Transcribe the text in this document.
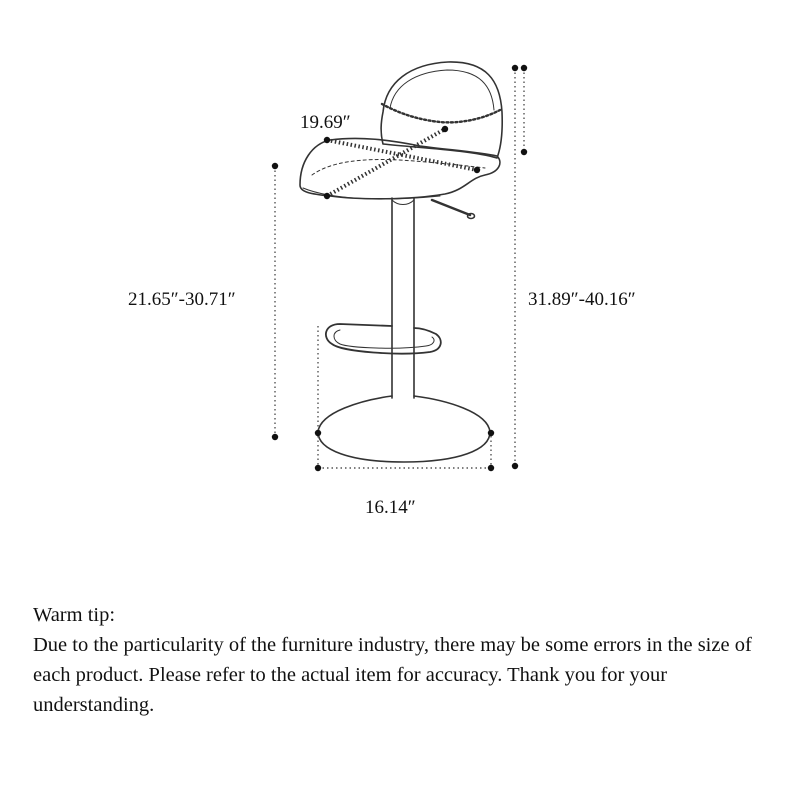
19.69″
21.65″-30.71″	31.89″-40.16″
16.14″

Warm tip:

Due to the particularity of the furniture industry, there may be some errors in the size of each product. Please refer to the actual item for accuracy. Thank you for your understanding.
